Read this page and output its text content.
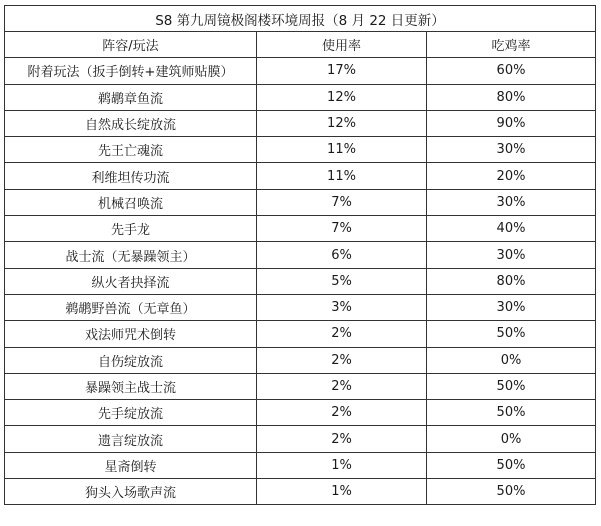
S8 第九周镜极阁楼环境周报（8 月 22 日更新）		
阵容/玩法	使用率	吃鸡率
附着玩法（扳手倒转+建筑师贴膜）	17%	60%
鹈鹕章鱼流	12%	80%
自然成长绽放流	12%	90%
先王亡魂流	11%	30%
利维坦传功流	11%	20%
机械召唤流	7%	30%
先手龙	7%	40%
战士流（无暴躁领主）	6%	30%
纵火者抉择流	5%	80%
鹈鹕野兽流（无章鱼）	3%	30%
戏法师咒术倒转	2%	50%
自伤绽放流	2%	0%
暴躁领主战士流	2%	50%
先手绽放流	2%	50%
遗言绽放流	2%	0%
星斋倒转	1%	50%
狗头入场歌声流	1%	50%
